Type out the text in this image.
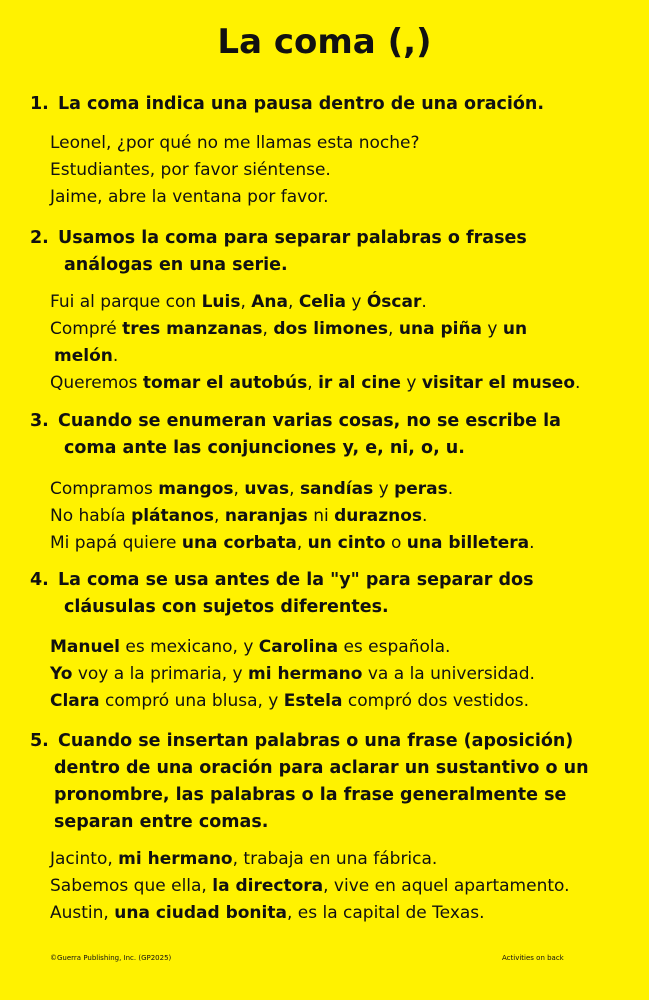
La coma (,)
1. La coma indica una pausa dentro de una oración.
Leonel, ¿por qué no me llamas esta noche?
Estudiantes, por favor siéntense.
Jaime, abre la ventana por favor.
2. Usamos la coma para separar palabras o frases
análogas en una serie.
Fui al parque con Luis, Ana, Celia y Óscar.
Compré tres manzanas, dos limones, una piña y un
melón.
Queremos tomar el autobús, ir al cine y visitar el museo.
3. Cuando se enumeran varias cosas, no se escribe la
coma ante las conjunciones y, e, ni, o, u.
Compramos mangos, uvas, sandías y peras.
No había plátanos, naranjas ni duraznos.
Mi papá quiere una corbata, un cinto o una billetera.
4. La coma se usa antes de la "y" para separar dos
cláusulas con sujetos diferentes.
Manuel es mexicano, y Carolina es española.
Yo voy a la primaria, y mi hermano va a la universidad.
Clara compró una blusa, y Estela compró dos vestidos.
5. Cuando se insertan palabras o una frase (aposición)
dentro de una oración para aclarar un sustantivo o un
pronombre, las palabras o la frase generalmente se
separan entre comas.
Jacinto, mi hermano, trabaja en una fábrica.
Sabemos que ella, la directora, vive en aquel apartamento.
Austin, una ciudad bonita, es la capital de Texas.
©Guerra Publishing, Inc. (GP2025)	Activities on back
